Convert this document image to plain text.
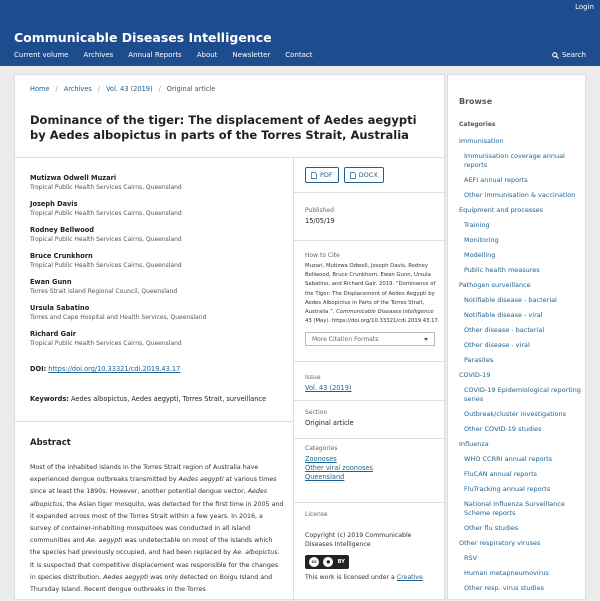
Login
Communicable Diseases Intelligence
Current volume Archives Annual Reports About Newsletter Contact	Search
Home / Archives / Vol. 43 (2019) / Original article
Dominance of the tiger: The displacement of Aedes aegypti by Aedes albopictus in parts of the Torres Strait, Australia
Mutizwa Odwell Muzari
Tropical Public Health Services Cairns, Queensland
Joseph Davis
Tropical Public Health Services Cairns, Queensland
Rodney Bellwood
Tropical Public Health Services Cairns, Queensland
Bruce Crunkhorn
Tropical Public Health Services Cairns, Queensland
Ewan Gunn
Torres Strait Island Regional Council, Queensland
Ursula Sabatino
Torres and Cape Hospital and Health Services, Queensland
Richard Gair
Tropical Public Health Services Cairns, Queensland
DOI: https://doi.org/10.33321/cdi.2019.43.17
Keywords: Aedes albopictus, Aedes aegypti, Torres Strait, surveillance
Abstract

Most of the inhabited islands in the Torres Strait region of Australia have experienced dengue outbreaks transmitted by Aedes aegypti at various times since at least the 1890s. However, another potential dengue vector, Aedes albopictus, the Asian tiger mosquito, was detected for the first time in 2005 and it expanded across most of the Torres Strait within a few years. In 2016, a survey of container-inhabiting mosquitoes was conducted in all island communities and Ae. aegypti was undetectable on most of the islands which the species had previously occupied, and had been replaced by Ae. albopictus. It is suspected that competitive displacement was responsible for the changes in species distribution. Aedes aegypti was only detected on Boigu Island and Thursday Island. Recent dengue outbreaks in the Torres

PDF	DOCX
Published
15/05/19
How to Cite
Muzari, Mutizwa Odwell, Joseph Davis, Rodney Bellwood, Bruce Crunkhorn, Ewan Gunn, Ursula Sabatino, and Richard Gair. 2019. “Dominance of the Tiger: The Displacement of Aedes Aegypti by Aedes Albopictus in Parts of the Torres Strait, Australia ”. Communicable Diseases Intelligence 43 (May). https://doi.org/10.33321/cdi.2019.43.17.
More Citation Formats
Issue
Vol. 43 (2019)
Section
Original article
Categories
Zoonoses
Other viral zoonoses
Queensland
License
Copyright (c) 2019 Communicable Diseases Intelligence
cc	●	BY
This work is licensed under a Creative
Browse
Categories
Immunisation
Immunisation coverage annual reports
AEFI annual reports
Other immunisation & vaccination
Equipment and processes
Training
Monitoring
Modelling
Public health measures
Pathogen surveillance
Notifiable disease - bacterial
Notifiable disease - viral
Other disease - bacterial
Other disease - viral
Parasites
COVID-19
COVID-19 Epidemiological reporting series
Outbreak/cluster investigations
Other COVID-19 studies
Influenza
WHO CCRRI annual reports
FluCAN annual reports
FluTracking annual reports
National Influenza Surveillance Scheme reports
Other flu studies
Other respiratory viruses
RSV
Human metapneumovirus
Other resp. virus studies
